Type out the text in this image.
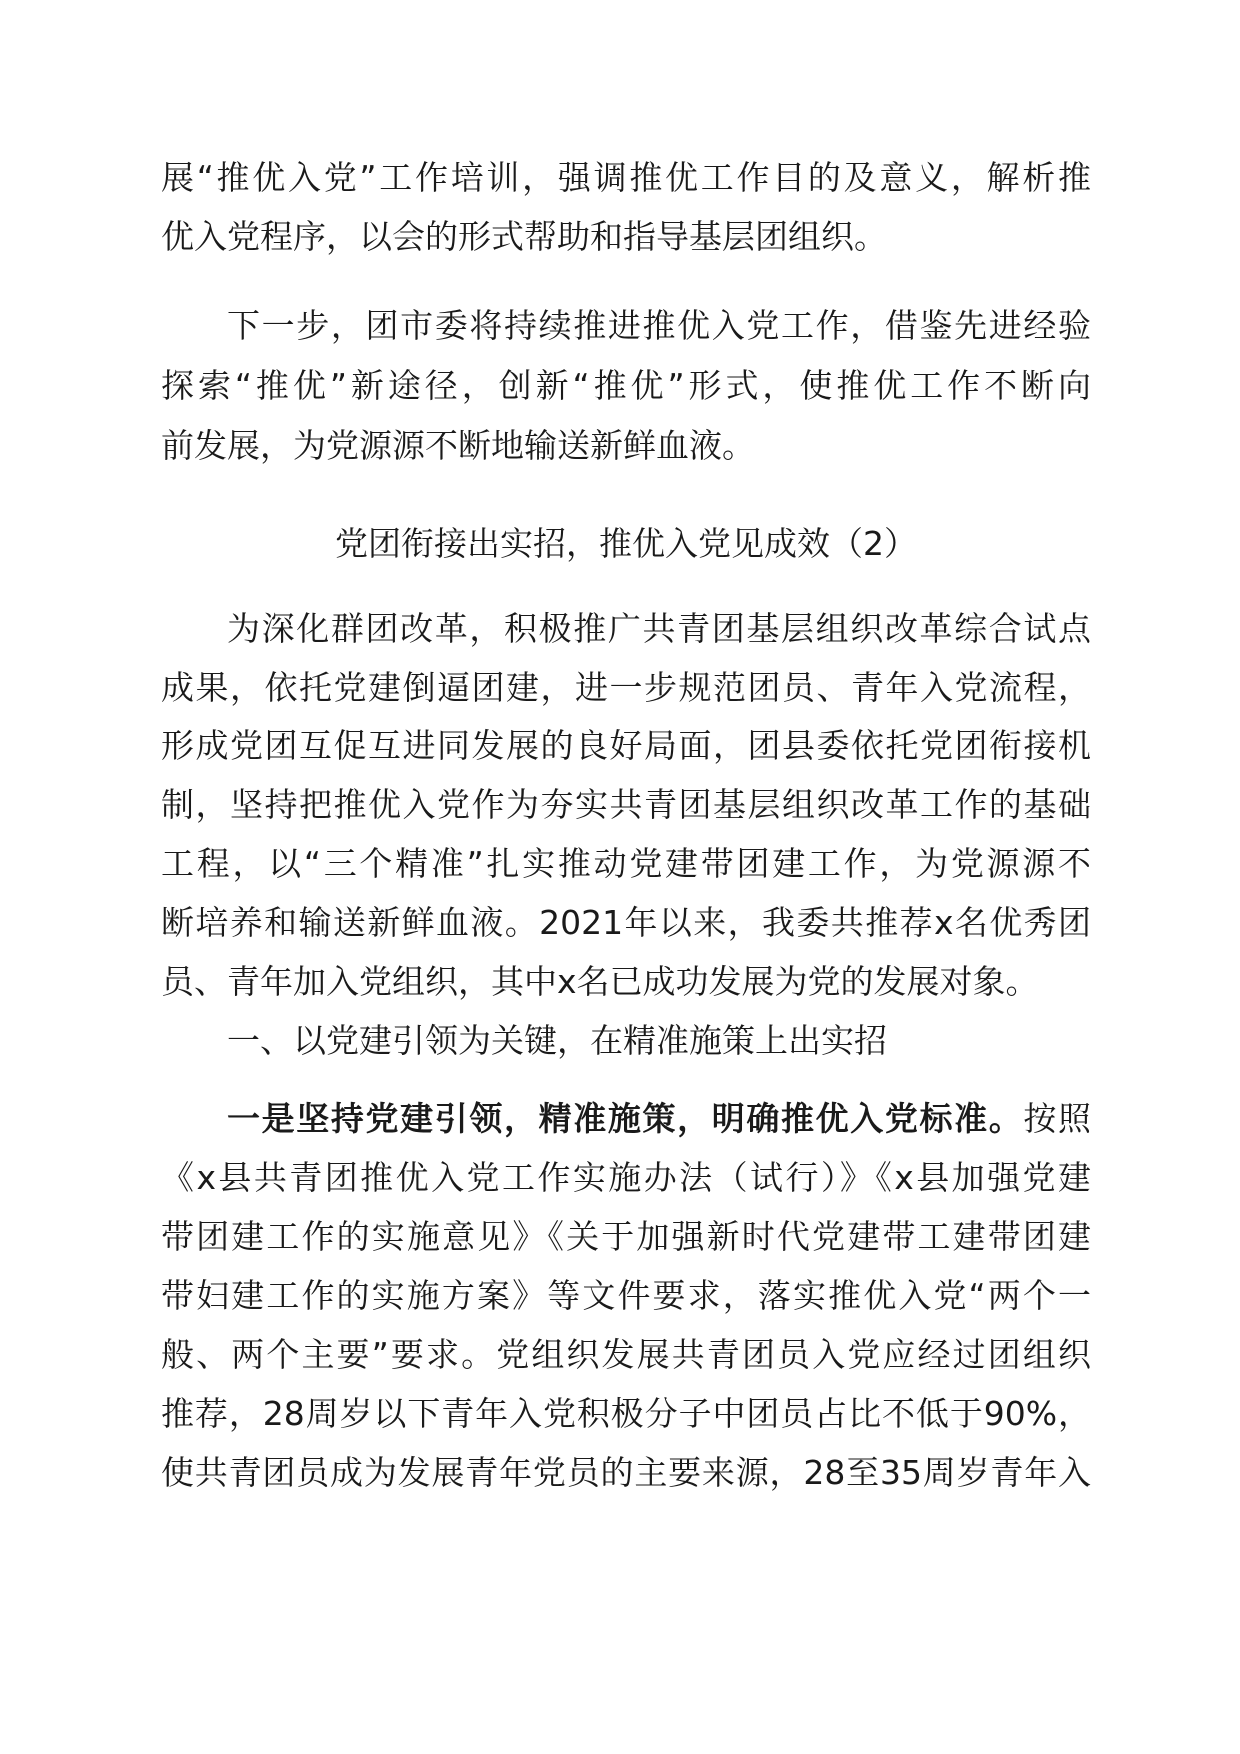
展“推优入党”工作培训，强调推优工作目的及意义，解析推
优入党程序，以会的形式帮助和指导基层团组织。
下一步，团市委将持续推进推优入党工作，借鉴先进经验
探索“推优”新途径，创新“推优”形式，使推优工作不断向
前发展，为党源源不断地输送新鲜血液。
党团衔接出实招，推优入党见成效（2）
为深化群团改革，积极推广共青团基层组织改革综合试点
成果，依托党建倒逼团建，进一步规范团员、青年入党流程，
形成党团互促互进同发展的良好局面，团县委依托党团衔接机
制，坚持把推优入党作为夯实共青团基层组织改革工作的基础
工程，以“三个精准”扎实推动党建带团建工作，为党源源不
断培养和输送新鲜血液。2021年以来，我委共推荐x名优秀团
员、青年加入党组织，其中x名已成功发展为党的发展对象。
一、以党建引领为关键，在精准施策上出实招
一是坚持党建引领，精准施策，明确推优入党标准。按照
《x县共青团推优入党工作实施办法（试行）》《x县加强党建
带团建工作的实施意见》《关于加强新时代党建带工建带团建
带妇建工作的实施方案》等文件要求，落实推优入党“两个一
般、两个主要”要求。党组织发展共青团员入党应经过团组织
推荐，28周岁以下青年入党积极分子中团员占比不低于90%，
使共青团员成为发展青年党员的主要来源，28至35周岁青年入
